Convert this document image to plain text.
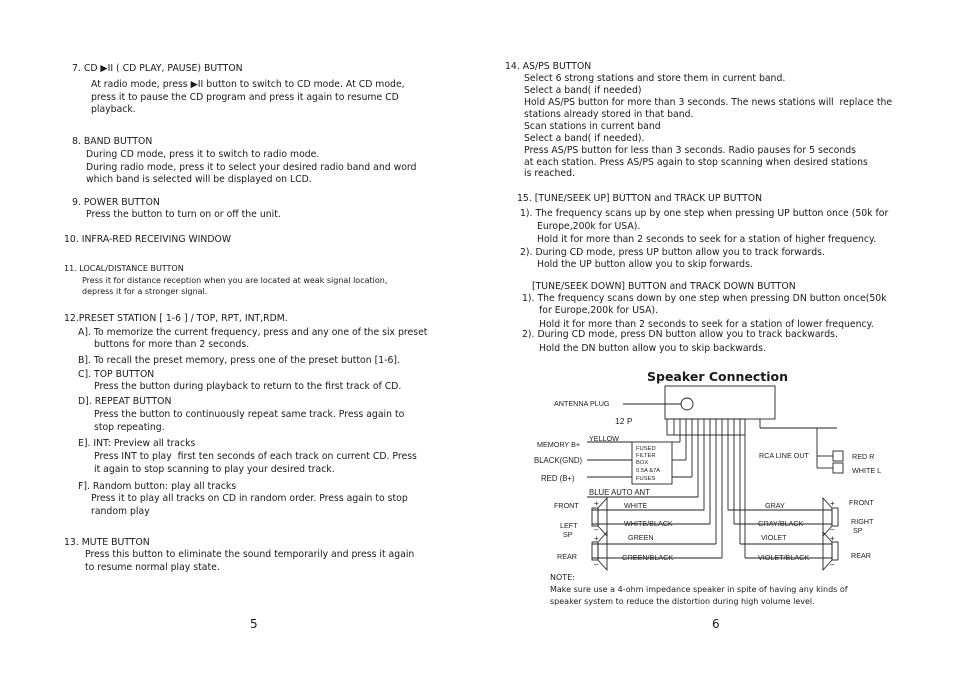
7. CD ▶II ( CD PLAY, PAUSE) BUTTON
At radio mode, press ▶II button to switch to CD mode. At CD mode,
press it to pause the CD program and press it again to resume CD
playback.
8. BAND BUTTON
During CD mode, press it to switch to radio mode.
During radio mode, press it to select your desired radio band and word
which band is selected will be displayed on LCD.
9. POWER BUTTON
Press the button to turn on or off the unit.
10. INFRA-RED RECEIVING WINDOW
11. LOCAL/DISTANCE BUTTON
Press it for distance reception when you are located at weak signal location,
depress it for a stronger signal.
12.PRESET STATION [ 1-6 ] / TOP, RPT, INT,RDM.
A]. To memorize the current frequency, press and any one of the six preset
buttons for more than 2 seconds.
B]. To recall the preset memory, press one of the preset button [1-6].
C]. TOP BUTTON
Press the button during playback to return to the first track of CD.
D]. REPEAT BUTTON
Press the button to continuously repeat same track. Press again to
stop repeating.
E]. INT: Preview all tracks
Press INT to play  first ten seconds of each track on current CD. Press
it again to stop scanning to play your desired track.
F]. Random button: play all tracks
Press it to play all tracks on CD in random order. Press again to stop
random play
13. MUTE BUTTON
Press this button to eliminate the sound temporarily and press it again
to resume normal play state.
5
14. AS/PS BUTTON
Select 6 strong stations and store them in current band.
Select a band( if needed)
Hold AS/PS button for more than 3 seconds. The news stations will  replace the
stations already stored in that band.
Scan stations in current band
Select a band( if needed).
Press AS/PS button for less than 3 seconds. Radio pauses for 5 seconds
at each station. Press AS/PS again to stop scanning when desired stations
is reached.
15. [TUNE/SEEK UP] BUTTON and TRACK UP BUTTON
1). The frequency scans up by one step when pressing UP button once (50k for
Europe,200k for USA).
Hold it for more than 2 seconds to seek for a station of higher frequency.
2). During CD mode, press UP button allow you to track forwards.
Hold the UP button allow you to skip forwards.
[TUNE/SEEK DOWN] BUTTON and TRACK DOWN BUTTON
1). The frequency scans down by one step when pressing DN button once(50k
for Europe,200k for USA).
Hold it for more than 2 seconds to seek for a station of lower frequency.
2). During CD mode, press DN button allow you to track backwards.
Hold the DN button allow you to skip backwards.
Speaker Connection
ANTENNA PLUG
12 P
YELLOW
MEMORY B+
BLACK(GND)
RED (B+)
FUSED
FILTER
BOX
0.5A &7A
FUSES
BLUE AUTO ANT
RCA LINE OUT	RED R
WHITE L
FRONT
LEFT
SP
REAR
FRONT
RIGHT
SP
REAR
WHITE
WHITE/BLACK
GREEN
GREEN/BLACK
GRAY
GRAY/BLACK
VIOLET
VIOLET/BLACK
+
–
+
–
+
–
+
–
NOTE:
Make sure use a 4-ohm impedance speaker in spite of having any kinds of
speaker system to reduce the distortion during high volume level.
6
